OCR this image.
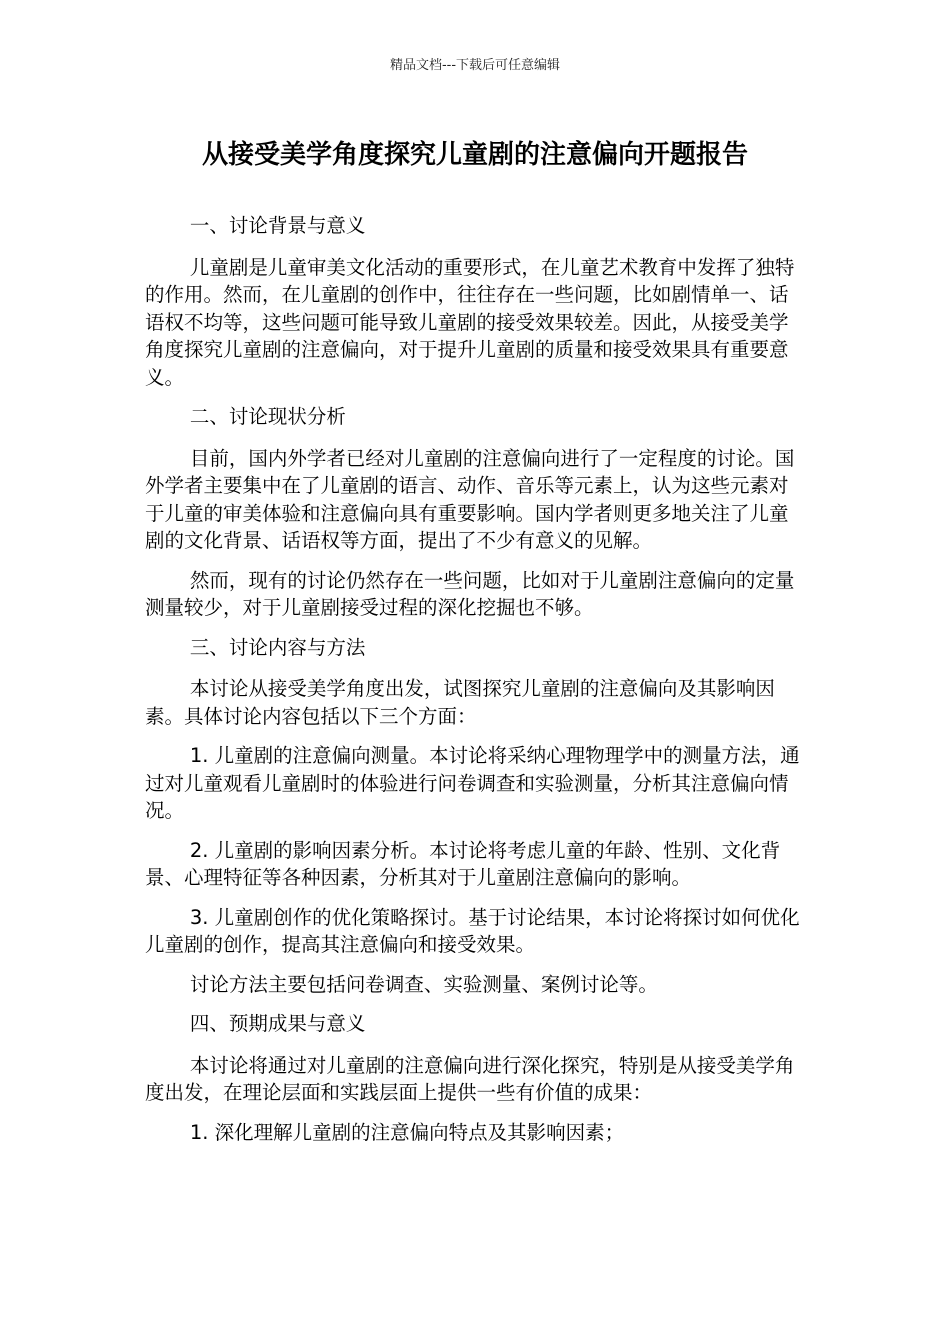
精品文档---下载后可任意编辑
从接受美学角度探究儿童剧的注意偏向开题报告

一、讨论背景与意义

儿童剧是儿童审美文化活动的重要形式，在儿童艺术教育中发挥了独特的作用。然而，在儿童剧的创作中，往往存在一些问题，比如剧情单一、话语权不均等，这些问题可能导致儿童剧的接受效果较差。因此，从接受美学角度探究儿童剧的注意偏向，对于提升儿童剧的质量和接受效果具有重要意义。

二、讨论现状分析

目前，国内外学者已经对儿童剧的注意偏向进行了一定程度的讨论。国外学者主要集中在了儿童剧的语言、动作、音乐等元素上，认为这些元素对于儿童的审美体验和注意偏向具有重要影响。国内学者则更多地关注了儿童剧的文化背景、话语权等方面，提出了不少有意义的见解。

然而，现有的讨论仍然存在一些问题，比如对于儿童剧注意偏向的定量测量较少，对于儿童剧接受过程的深化挖掘也不够。

三、讨论内容与方法

本讨论从接受美学角度出发，试图探究儿童剧的注意偏向及其影响因素。具体讨论内容包括以下三个方面：

1. 儿童剧的注意偏向测量。本讨论将采纳心理物理学中的测量方法，通过对儿童观看儿童剧时的体验进行问卷调查和实验测量，分析其注意偏向情况。

2. 儿童剧的影响因素分析。本讨论将考虑儿童的年龄、性别、文化背景、心理特征等各种因素，分析其对于儿童剧注意偏向的影响。

3. 儿童剧创作的优化策略探讨。基于讨论结果，本讨论将探讨如何优化儿童剧的创作，提高其注意偏向和接受效果。

讨论方法主要包括问卷调查、实验测量、案例讨论等。

四、预期成果与意义

本讨论将通过对儿童剧的注意偏向进行深化探究，特别是从接受美学角度出发，在理论层面和实践层面上提供一些有价值的成果：

1. 深化理解儿童剧的注意偏向特点及其影响因素；
